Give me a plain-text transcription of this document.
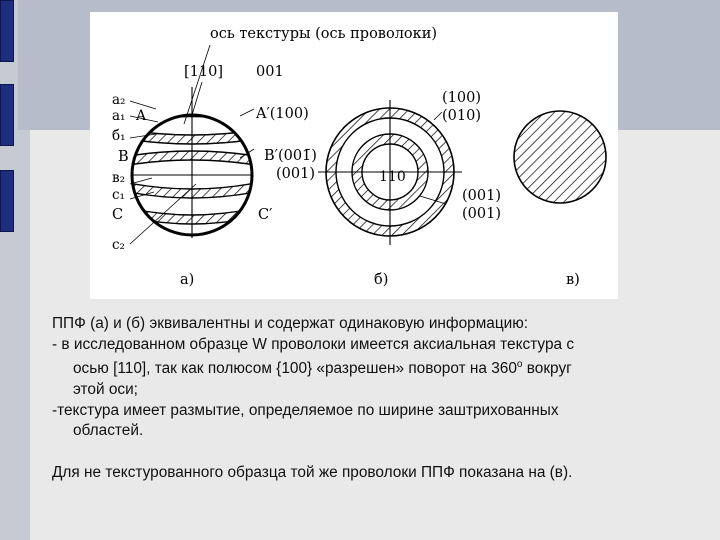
ось текстуры (ось проволоки)
[110] 001
a₂
a₁ A	A′(100)
б₁
B	B′(001̄)
(001)
в₂
c₁
C	C′
c₂
а)
(100)
(010)
110
(001)
(001)
б)	в)

ППФ (а) и (б) эквивалентны и содержат одинаковую информацию:

- в исследованном образце W проволоки имеется аксиальная текстура с

осью [110], так как полюсом {100} «разрешен» поворот на $360^о$ вокруг

этой оси;

-текстура имеет размытие, определяемое по ширине заштрихованных

областей.

Для не текстурованного образца той же проволоки ППФ показана на (в).
